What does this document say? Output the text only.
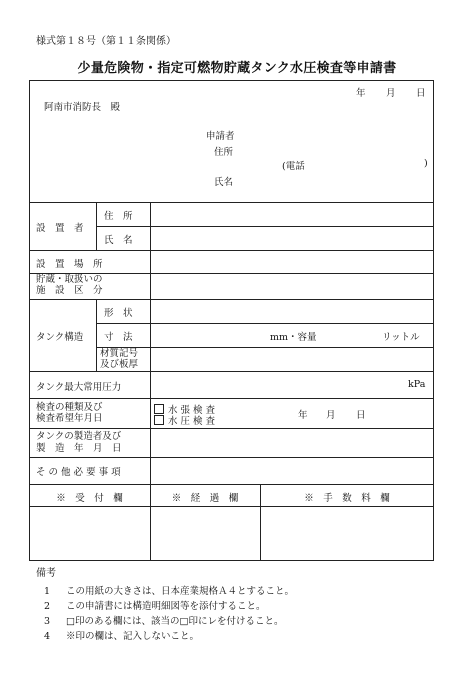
様式第１８号（第１１条関係）
少量危険物・指定可燃物貯蔵タンク水圧検査等申請書
年 月 日
阿南市消防長　殿
申請者
住所
(電話	)
氏名
設　置　者
住　所
氏　名
設　置　場　所
貯蔵・取扱いの
施　設　区　分
タンク構造
形　状
寸　法	mm・容量	リットル
材質記号
及び板厚
タンク最大常用圧力	kPa
検査の種類及び
検査希望年月日
水 張 検 査
水 圧 検 査
年 月 日
タンクの製造者及び
製　造　年　月　日
そ の 他 必 要 事 項
※　受　付　欄	※　経　過　欄	※　手　数　料　欄
備考
1 この用紙の大きさは、日本産業規格Ａ４とすること。
2 この申請書には構造明細図等を添付すること。
3 □印のある欄には、該当の□印にレを付けること。
4 ※印の欄は、記入しないこと。
